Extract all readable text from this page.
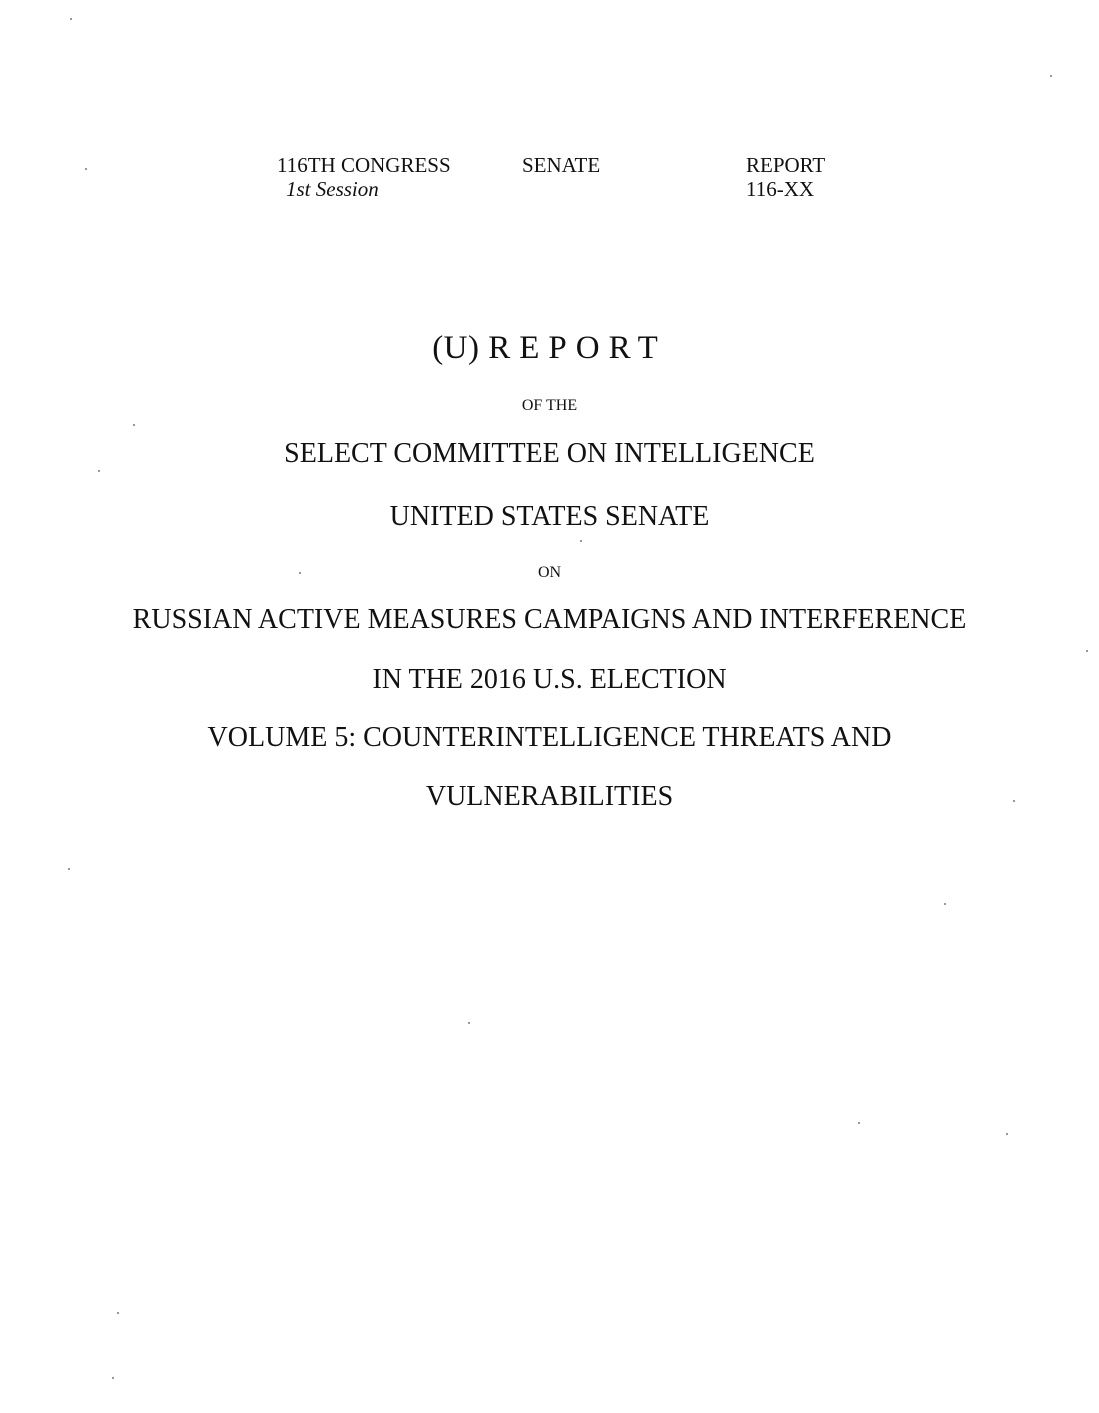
116TH CONGRESS
1st Session
SENATE	REPORT
116-XX
(U) REPORT
OF THE
SELECT COMMITTEE ON INTELLIGENCE
UNITED STATES SENATE
ON
RUSSIAN ACTIVE MEASURES CAMPAIGNS AND INTERFERENCE
IN THE 2016 U.S. ELECTION
VOLUME 5: COUNTERINTELLIGENCE THREATS AND
VULNERABILITIES
